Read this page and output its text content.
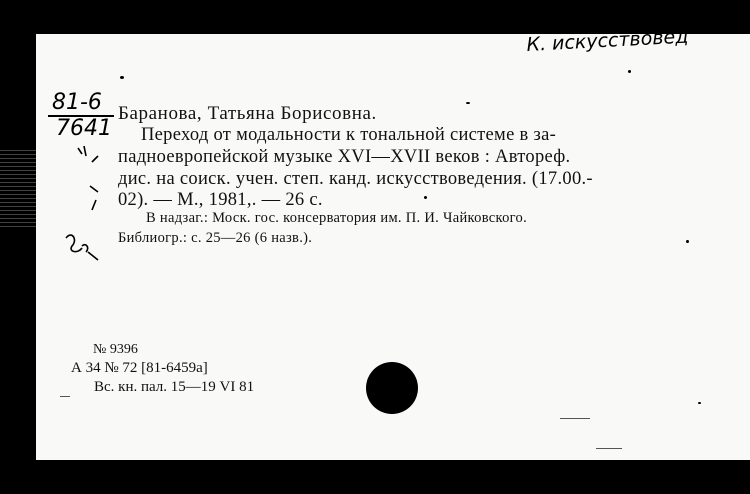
К. искусствовед
81-6
7641
Баранова, Татьяна Борисовна.
Переход от модальности к тональной системе в за-
падноевропейской музыке XVI—XVII веков : Автореф.
дис. на соиск. учен. степ. канд. искусствоведения. (17.00.-
02). — М., 1981,. — 26 с.
В надзаг.: Моск. гос. консерватория им. П. И. Чайковского.
Библиогр.: с. 25—26 (6 назв.).
№ 9396
А 34 № 72 [81-6459а]
Вс. кн. пал. 15—19 VI 81
